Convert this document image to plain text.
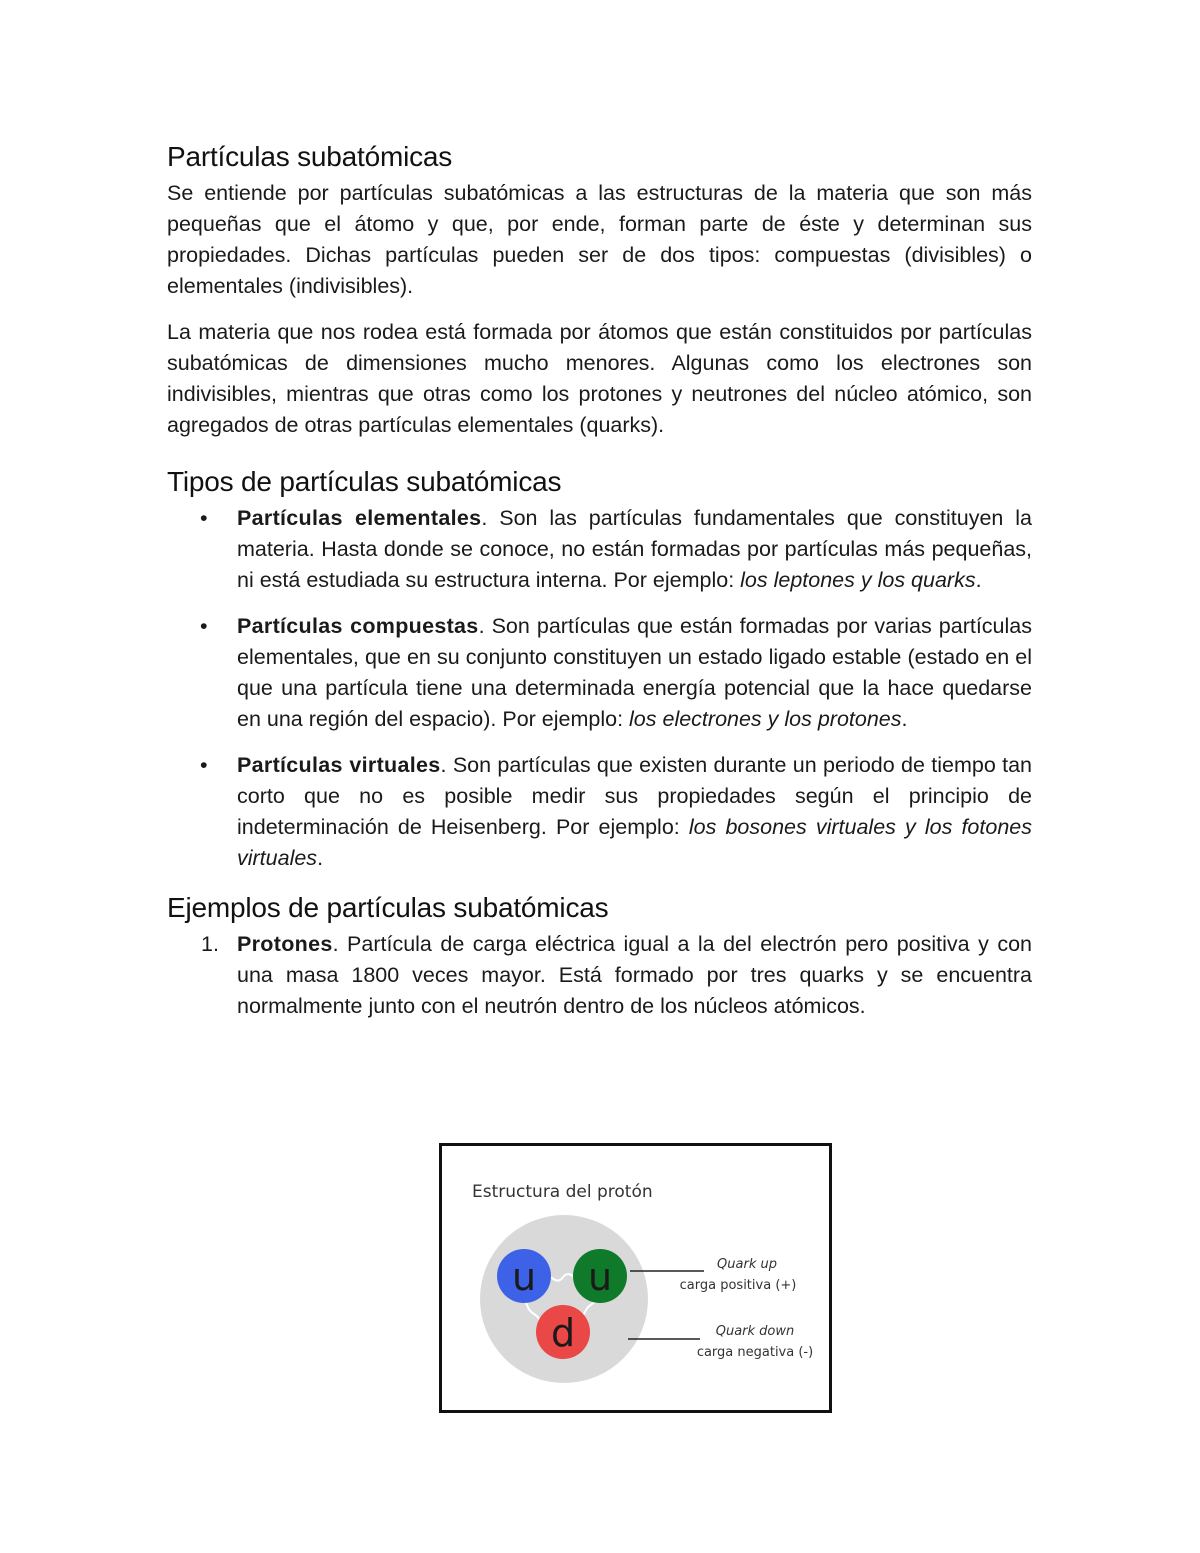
Partículas subatómicas

Se entiende por partículas subatómicas a las estructuras de la materia que son más pequeñas que el átomo y que, por ende, forman parte de éste y determinan sus propiedades. Dichas partículas pueden ser de dos tipos: compuestas (divisibles) o elementales (indivisibles).

La materia que nos rodea está formada por átomos que están constituidos por partículas subatómicas de dimensiones mucho menores. Algunas como los electrones son indivisibles, mientras que otras como los protones y neutrones del núcleo atómico, son agregados de otras partículas elementales (quarks).

Tipos de partículas subatómicas
•	Partículas elementales. Son las partículas fundamentales que constituyen la materia. Hasta donde se conoce, no están formadas por partículas más pequeñas, ni está estudiada su estructura interna. Por ejemplo: los leptones y los quarks.
•	Partículas compuestas. Son partículas que están formadas por varias partículas elementales, que en su conjunto constituyen un estado ligado estable (estado en el que una partícula tiene una determinada energía potencial que la hace quedarse en una región del espacio). Por ejemplo: los electrones y los protones.
•	Partículas virtuales. Son partículas que existen durante un periodo de tiempo tan corto que no es posible medir sus propiedades según el principio de indeterminación de Heisenberg. Por ejemplo: los bosones virtuales y los fotones virtuales.
Ejemplos de partículas subatómicas
1. Protones. Partícula de carga eléctrica igual a la del electrón pero positiva y con una masa 1800 veces mayor. Está formado por tres quarks y se encuentra normalmente junto con el neutrón dentro de los núcleos atómicos.
Estructura del protón
u u
d
Quark up
carga positiva (+)
Quark down
carga negativa (-)
